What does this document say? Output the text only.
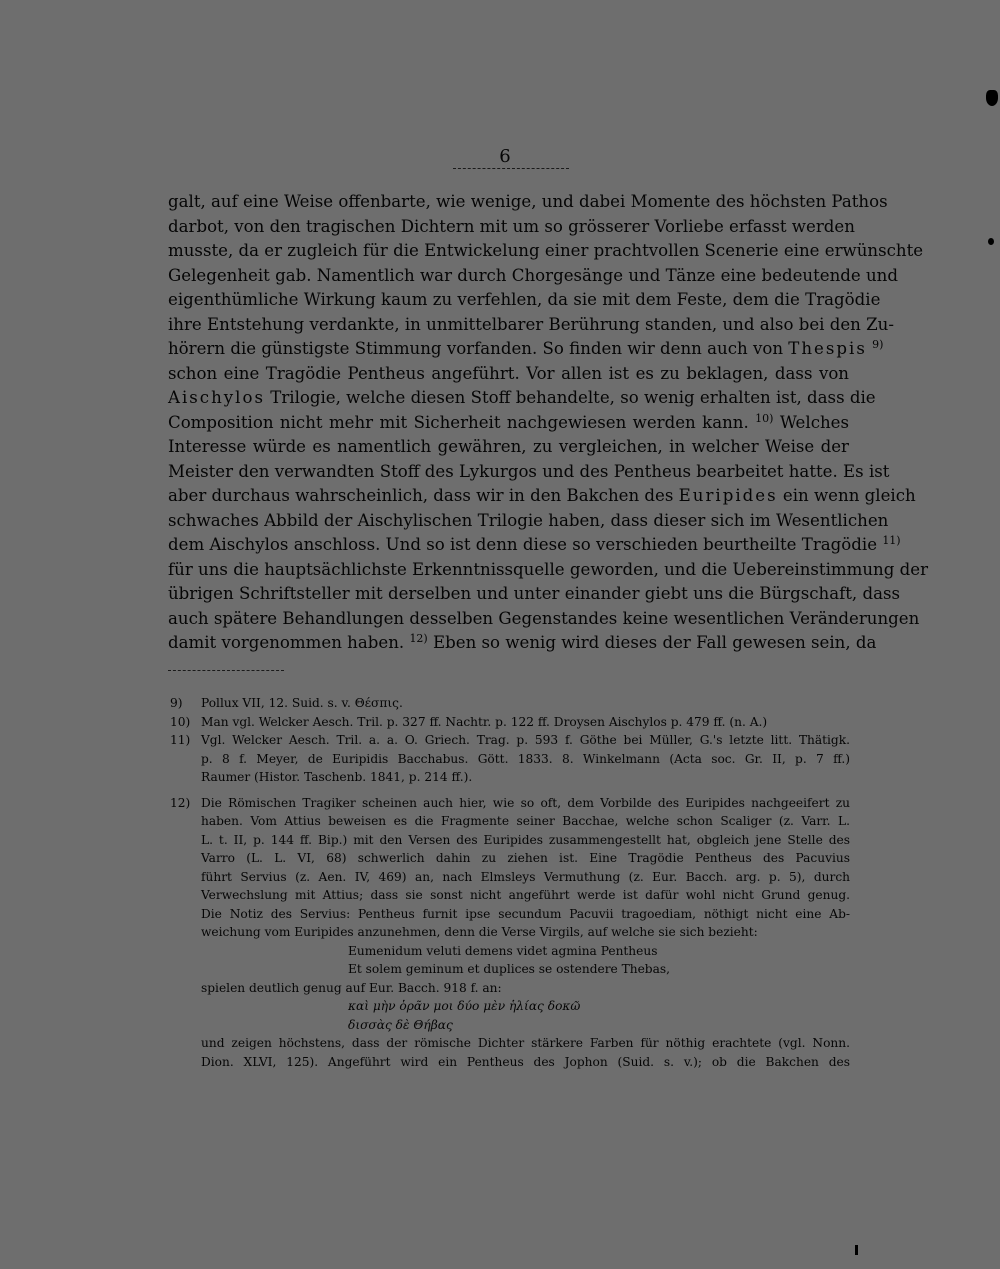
6
galt, auf eine Weise offenbarte, wie wenige, und dabei Momente des höchsten Pathos
darbot, von den tragischen Dichtern mit um so grösserer Vorliebe erfasst werden
musste, da er zugleich für die Entwickelung einer prachtvollen Scenerie eine erwünschte
Gelegenheit gab. Namentlich war durch Chorgesänge und Tänze eine bedeutende und
eigenthümliche Wirkung kaum zu verfehlen, da sie mit dem Feste, dem die Tragödie
ihre Entstehung verdankte, in unmittelbarer Berührung standen, und also bei den Zu-
hörern die günstigste Stimmung vorfanden. So finden wir denn auch von Thespis $^{9)}$
schon eine Tragödie Pentheus angeführt. Vor allen ist es zu beklagen, dass von
Aischylos Trilogie, welche diesen Stoff behandelte, so wenig erhalten ist, dass die
Composition nicht mehr mit Sicherheit nachgewiesen werden kann. $^{10)}$ Welches
Interesse würde es namentlich gewähren, zu vergleichen, in welcher Weise der
Meister den verwandten Stoff des Lykurgos und des Pentheus bearbeitet hatte. Es ist
aber durchaus wahrscheinlich, dass wir in den Bakchen des Euripides ein wenn gleich
schwaches Abbild der Aischylischen Trilogie haben, dass dieser sich im Wesentlichen
dem Aischylos anschloss. Und so ist denn diese so verschieden beurtheilte Tragödie $^{11)}$
für uns die hauptsächlichste Erkenntnissquelle geworden, und die Uebereinstimmung der
übrigen Schriftsteller mit derselben und unter einander giebt uns die Bürgschaft, dass
auch spätere Behandlungen desselben Gegenstandes keine wesentlichen Veränderungen
damit vorgenommen haben. $^{12)}$ Eben so wenig wird dieses der Fall gewesen sein, da
9) Pollux VII, 12. Suid. s. v. Θέσπις.
10) Man vgl. Welcker Aesch. Tril. p. 327 ff. Nachtr. p. 122 ff. Droysen Aischylos p. 479 ff. (n. A.)
11) Vgl. Welcker Aesch. Tril. a. a. O. Griech. Trag. p. 593 f. Göthe bei Müller, G.'s letzte litt. Thätigk.
p. 8 f. Meyer, de Euripidis Bacchabus. Gött. 1833. 8. Winkelmann (Acta soc. Gr. II, p. 7 ff.)
Raumer (Histor. Taschenb. 1841, p. 214 ff.).
12) Die Römischen Tragiker scheinen auch hier, wie so oft, dem Vorbilde des Euripides nachgeeifert zu
haben. Vom Attius beweisen es die Fragmente seiner Bacchae, welche schon Scaliger (z. Varr. L.
L. t. II, p. 144 ff. Bip.) mit den Versen des Euripides zusammengestellt hat, obgleich jene Stelle des
Varro (L. L. VI, 68) schwerlich dahin zu ziehen ist. Eine Tragödie Pentheus des Pacuvius
führt Servius (z. Aen. IV, 469) an, nach Elmsleys Vermuthung (z. Eur. Bacch. arg. p. 5), durch
Verwechslung mit Attius; dass sie sonst nicht angeführt werde ist dafür wohl nicht Grund genug.
Die Notiz des Servius: Pentheus furnit ipse secundum Pacuvii tragoediam, nöthigt nicht eine Ab-
weichung vom Euripides anzunehmen, denn die Verse Virgils, auf welche sie sich bezieht:
Eumenidum veluti demens videt agmina Pentheus
Et solem geminum et duplices se ostendere Thebas,
spielen deutlich genug auf Eur. Bacch. 918 f. an:
καὶ μὴν ὁρᾶν μοι δύο μὲν ἡλίας δοκῶ
δισσὰς δὲ Θήβας
und zeigen höchstens, dass der römische Dichter stärkere Farben für nöthig erachtete (vgl. Nonn.
Dion. XLVI, 125). Angeführt wird ein Pentheus des Jophon (Suid. s. v.); ob die Bakchen des
